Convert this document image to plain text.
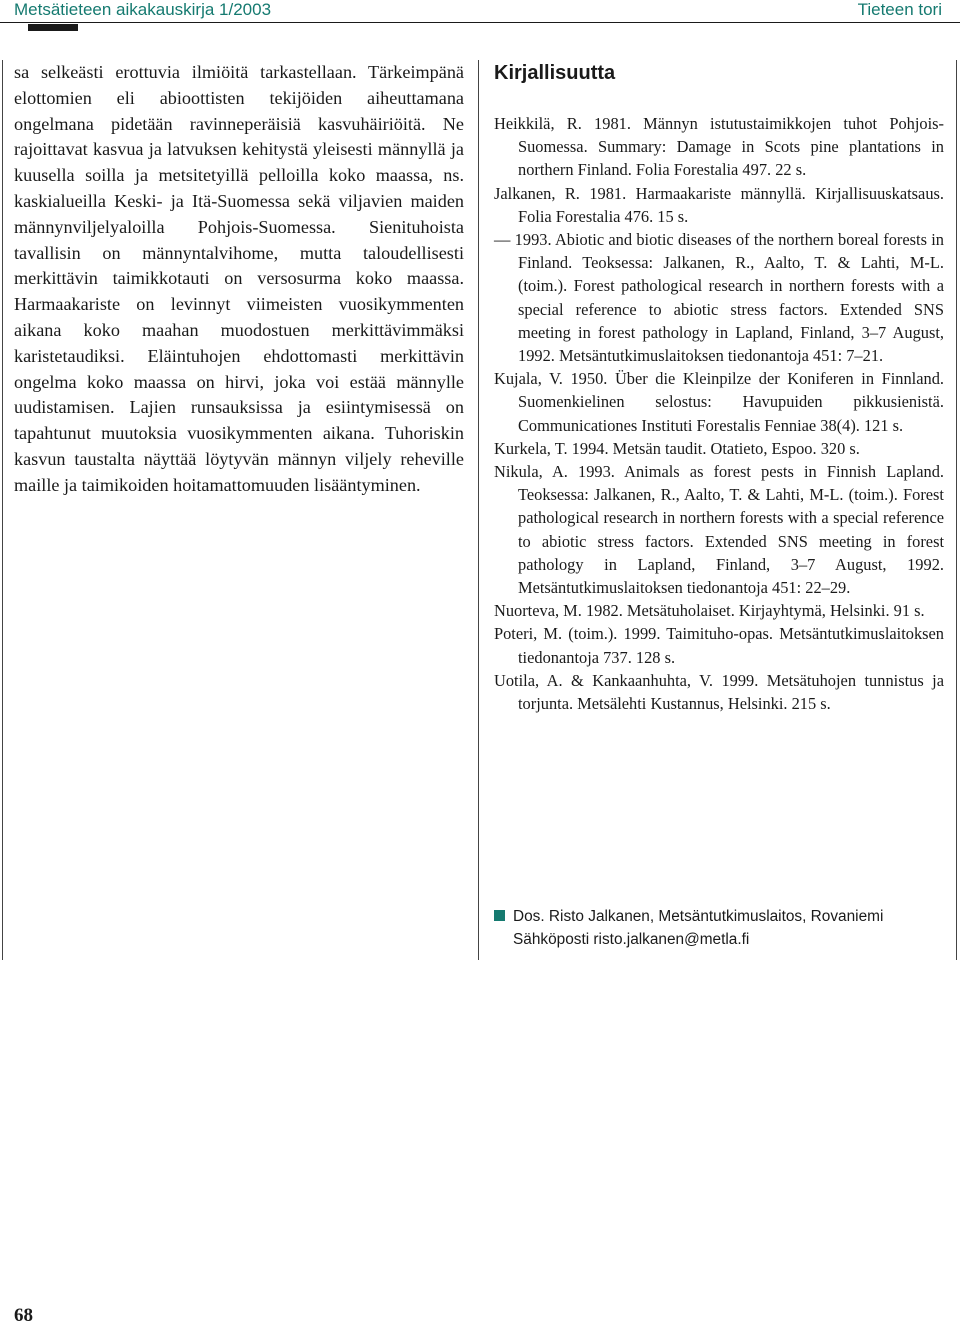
Metsätieteen aikakauskirja 1/2003	Tieteen tori
sa selkeästi erottuvia ilmiöitä tarkastellaan. Tärkeimpänä elottomien eli abioottisten tekijöiden aiheuttamana ongelmana pidetään ravinneperäisiä kasvuhäiriöitä. Ne rajoittavat kasvua ja latvuksen kehitystä yleisesti männyllä ja kuusella soilla ja metsitetyillä pelloilla koko maassa, ns. kaskialueilla Keski- ja Itä-Suomessa sekä viljavien maiden männynviljelyaloilla Pohjois-Suomessa. Sienituhoista tavallisin on männyntalvihome, mutta taloudellisesti merkittävin taimikkotauti on versosurma koko maassa. Harmaakariste on levinnyt viimeisten vuosikymmenten aikana koko maahan muodostuen merkittävimmäksi karistetaudiksi. Eläintuhojen ehdottomasti merkittävin ongelma koko maassa on hirvi, joka voi estää männylle uudistamisen. Lajien runsauksissa ja esiintymisessä on tapahtunut muutoksia vuosikymmenten aikana. Tuhoriskin kasvun taustalta näyttää löytyvän männyn viljely reheville maille ja taimikoiden hoitamattomuuden lisääntyminen.
Kirjallisuutta
Heikkilä, R. 1981. Männyn istutustaimikkojen tuhot Pohjois-Suomessa. Summary: Damage in Scots pine plantations in northern Finland. Folia Forestalia 497. 22 s.
Jalkanen, R. 1981. Harmaakariste männyllä. Kirjallisuuskatsaus. Folia Forestalia 476. 15 s.
— 1993. Abiotic and biotic diseases of the northern boreal forests in Finland. Teoksessa: Jalkanen, R., Aalto, T. & Lahti, M-L. (toim.). Forest pathological research in northern forests with a special reference to abiotic stress factors. Extended SNS meeting in forest pathology in Lapland, Finland, 3–7 August, 1992. Metsäntutkimuslaitoksen tiedonantoja 451: 7–21.
Kujala, V. 1950. Über die Kleinpilze der Koniferen in Finnland. Suomenkielinen selostus: Havupuiden pikkusienistä. Communicationes Instituti Forestalis Fenniae 38(4). 121 s.
Kurkela, T. 1994. Metsän taudit. Otatieto, Espoo. 320 s.
Nikula, A. 1993. Animals as forest pests in Finnish Lapland. Teoksessa: Jalkanen, R., Aalto, T. & Lahti, M-L. (toim.). Forest pathological research in northern forests with a special reference to abiotic stress factors. Extended SNS meeting in forest pathology in Lapland, Finland, 3–7 August, 1992. Metsäntutkimuslaitoksen tiedonantoja 451: 22–29.
Nuorteva, M. 1982. Metsätuholaiset. Kirjayhtymä, Helsinki. 91 s.
Poteri, M. (toim.). 1999. Taimituho-opas. Metsäntutkimuslaitoksen tiedonantoja 737. 128 s.
Uotila, A. & Kankaanhuhta, V. 1999. Metsätuhojen tunnistus ja torjunta. Metsälehti Kustannus, Helsinki. 215 s.
Dos. Risto Jalkanen, Metsäntutkimuslaitos, Rovaniemi
Sähköposti risto.jalkanen@metla.fi
68
